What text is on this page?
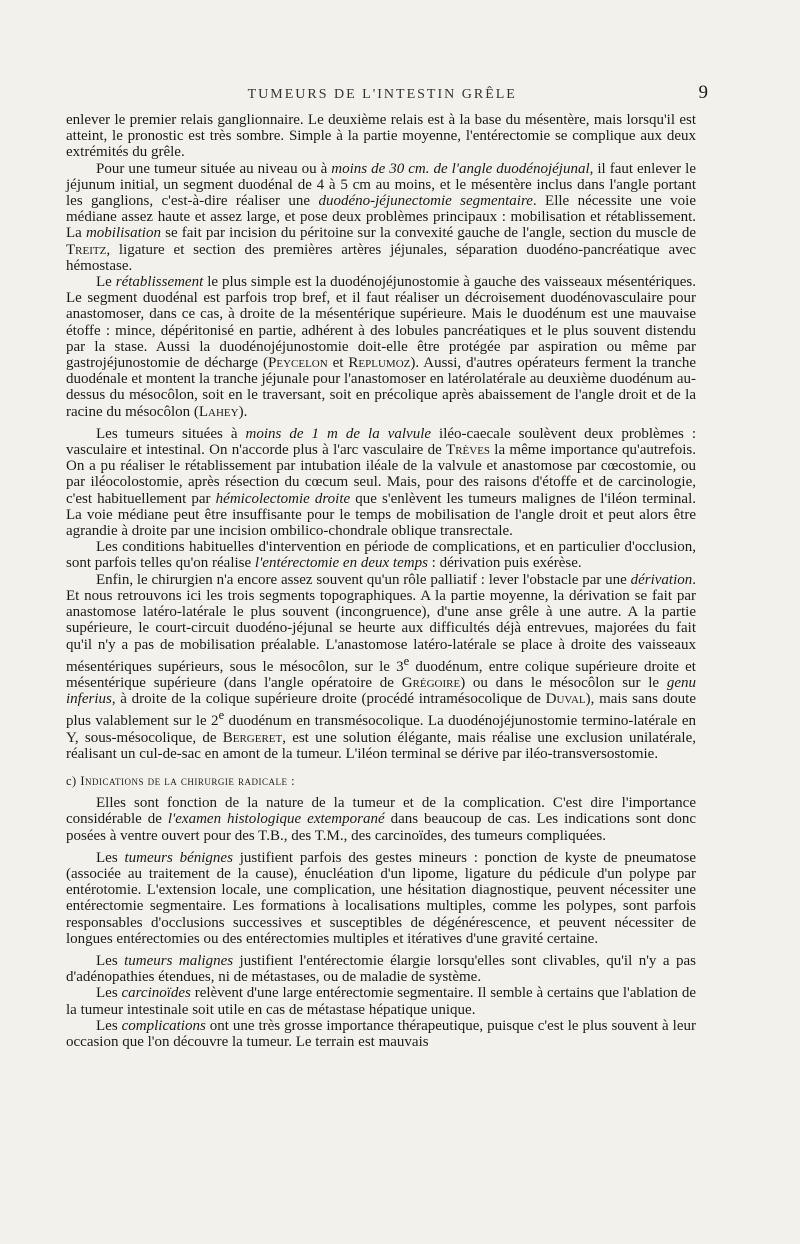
TUMEURS DE L'INTESTIN GRÊLE	9

enlever le premier relais ganglionnaire. Le deuxième relais est à la base du mésentère, mais lorsqu'il est atteint, le pronostic est très sombre. Simple à la partie moyenne, l'entérectomie se complique aux deux extrémités du grêle.

Pour une tumeur située au niveau ou à moins de 30 cm. de l'angle duodénojéjunal, il faut enlever le jéjunum initial, un segment duodénal de 4 à 5 cm au moins, et le mésentère inclus dans l'angle portant les ganglions, c'est-à-dire réaliser une duodéno-jéjunectomie segmentaire. Elle nécessite une voie médiane assez haute et assez large, et pose deux problèmes principaux : mobilisation et rétablissement. La mobilisation se fait par incision du péritoine sur la convexité gauche de l'angle, section du muscle de Treitz, ligature et section des premières artères jéjunales, séparation duodéno-pancréatique avec hémostase.

Le rétablissement le plus simple est la duodénojéjunostomie à gauche des vaisseaux mésentériques. Le segment duodénal est parfois trop bref, et il faut réaliser un décroisement duodénovasculaire pour anastomoser, dans ce cas, à droite de la mésentérique supérieure. Mais le duodénum est une mauvaise étoffe : mince, dépéritonisé en partie, adhérent à des lobules pancréatiques et le plus souvent distendu par la stase. Aussi la duodénojéjunostomie doit-elle être protégée par aspiration ou même par gastrojéjunostomie de décharge (Peycelon et Replumoz). Aussi, d'autres opérateurs ferment la tranche duodénale et montent la tranche jéjunale pour l'anastomoser en latérolatérale au deuxième duodénum au-dessus du mésocôlon, soit en le traversant, soit en précolique après abaissement de l'angle droit et de la racine du mésocôlon (Lahey).

Les tumeurs situées à moins de 1 m de la valvule iléo-caecale soulèvent deux problèmes : vasculaire et intestinal. On n'accorde plus à l'arc vasculaire de Trèves la même importance qu'autrefois. On a pu réaliser le rétablissement par intubation iléale de la valvule et anastomose par cœcostomie, ou par iléocolostomie, après résection du cœcum seul. Mais, pour des raisons d'étoffe et de carcinologie, c'est habituellement par hémicolectomie droite que s'enlèvent les tumeurs malignes de l'iléon terminal. La voie médiane peut être insuffisante pour le temps de mobilisation de l'angle droit et peut alors être agrandie à droite par une incision ombilico-chondrale oblique transrectale.

Les conditions habituelles d'intervention en période de complications, et en particulier d'occlusion, sont parfois telles qu'on réalise l'entérectomie en deux temps : dérivation puis exérèse.

Enfin, le chirurgien n'a encore assez souvent qu'un rôle palliatif : lever l'obstacle par une dérivation. Et nous retrouvons ici les trois segments topographiques. A la partie moyenne, la dérivation se fait par anastomose latéro-latérale le plus souvent (incongruence), d'une anse grêle à une autre. A la partie supérieure, le court-circuit duodéno-jéjunal se heurte aux difficultés déjà entrevues, majorées du fait qu'il n'y a pas de mobilisation préalable. L'anastomose latéro-latérale se place à droite des vaisseaux mésentériques supérieurs, sous le mésocôlon, sur le 3e duodénum, entre colique supérieure droite et mésentérique supérieure (dans l'angle opératoire de Grégoire) ou dans le mésocôlon sur le genu inferius, à droite de la colique supérieure droite (procédé intramésocolique de Duval), mais sans doute plus valablement sur le 2e duodénum en transmésocolique. La duodénojéjunostomie termino-latérale en Y, sous-mésocolique, de Bergeret, est une solution élégante, mais réalise une exclusion unilatérale, réalisant un cul-de-sac en amont de la tumeur. L'iléon terminal se dérive par iléo-transversostomie.

c) Indications de la chirurgie radicale :

Elles sont fonction de la nature de la tumeur et de la complication. C'est dire l'importance considérable de l'examen histologique extemporané dans beaucoup de cas. Les indications sont donc posées à ventre ouvert pour des T.B., des T.M., des carcinoïdes, des tumeurs compliquées.

Les tumeurs bénignes justifient parfois des gestes mineurs : ponction de kyste de pneumatose (associée au traitement de la cause), énucléation d'un lipome, ligature du pédicule d'un polype par entérotomie. L'extension locale, une complication, une hésitation diagnostique, peuvent nécessiter une entérectomie segmentaire. Les formations à localisations multiples, comme les polypes, sont parfois responsables d'occlusions successives et susceptibles de dégénérescence, et peuvent nécessiter de longues entérectomies ou des entérectomies multiples et itératives d'une gravité certaine.

Les tumeurs malignes justifient l'entérectomie élargie lorsqu'elles sont clivables, qu'il n'y a pas d'adénopathies étendues, ni de métastases, ou de maladie de système.

Les carcinoïdes relèvent d'une large entérectomie segmentaire. Il semble à certains que l'ablation de la tumeur intestinale soit utile en cas de métastase hépatique unique.

Les complications ont une très grosse importance thérapeutique, puisque c'est le plus souvent à leur occasion que l'on découvre la tumeur. Le terrain est mauvais
